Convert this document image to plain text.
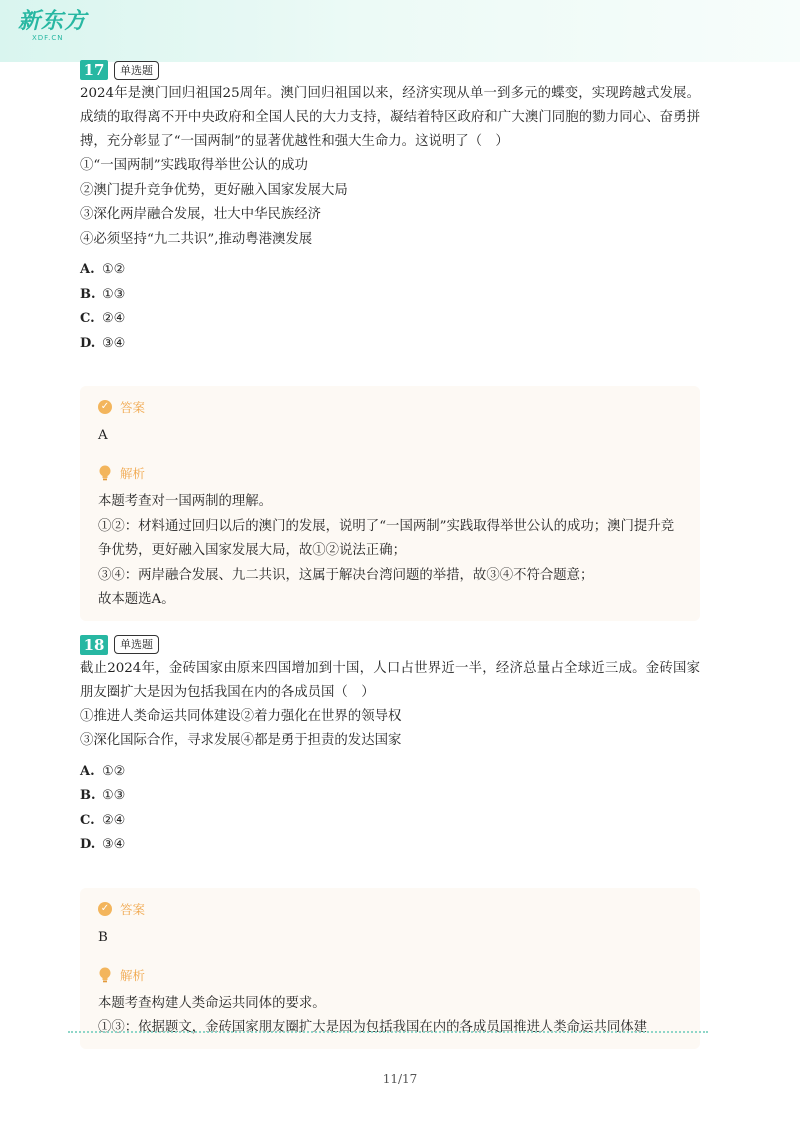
新东方
XDF.CN
17	单选题
2024年是澳门回归祖国25周年。澳门回归祖国以来，经济实现从单一到多元的蝶变，实现跨越式发展。成绩的取得离不开中央政府和全国人民的大力支持，凝结着特区政府和广大澳门同胞的勠力同心、奋勇拼搏，充分彰显了“一国两制”的显著优越性和强大生命力。这说明了（　）
①“一国两制”实践取得举世公认的成功
②澳门提升竞争优势，更好融入国家发展大局
③深化两岸融合发展，壮大中华民族经济
④必须坚持“九二共识”,推动粤港澳发展
A. ①②
B. ①③
C. ②④
D. ③④
✓ 答案
A
解析
本题考查对一国两制的理解。
①②：材料通过回归以后的澳门的发展，说明了“一国两制”实践取得举世公认的成功；澳门提升竞争优势，更好融入国家发展大局，故①②说法正确；
③④：两岸融合发展、九二共识，这属于解决台湾问题的举措，故③④不符合题意；
故本题选A。
18	单选题
截止2024年，金砖国家由原来四国增加到十国，人口占世界近一半，经济总量占全球近三成。金砖国家朋友圈扩大是因为包括我国在内的各成员国（　）
①推进人类命运共同体建设②着力强化在世界的领导权
③深化国际合作，寻求发展④都是勇于担责的发达国家
A. ①②
B. ①③
C. ②④
D. ③④
✓ 答案
B
解析
本题考查构建人类命运共同体的要求。
①③：依据题文，金砖国家朋友圈扩大是因为包括我国在内的各成员国推进人类命运共同体建
11/17
